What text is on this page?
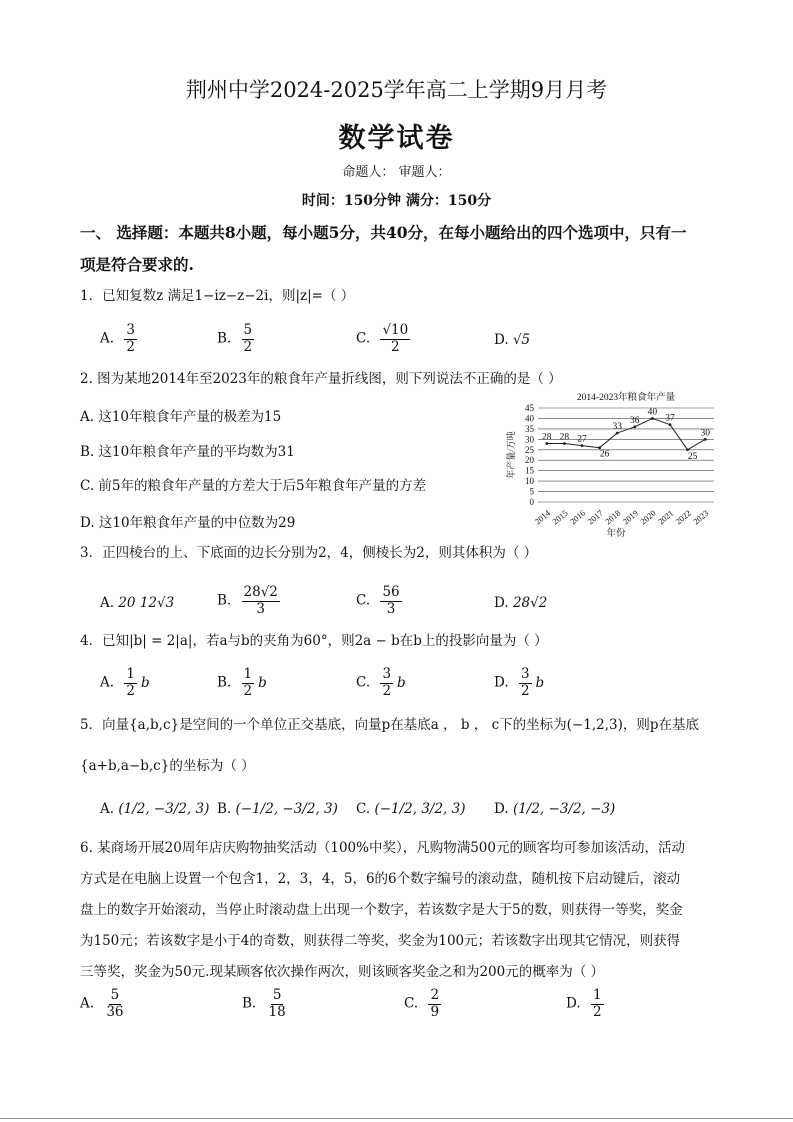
荆州中学2024-2025学年高二上学期9月月考
数学试卷
命题人： 审题人：
时间：150分钟 满分：150分
一、 选择题：本题共8小题，每小题5分，共40分，在每小题给出的四个选项中，只有一
项是符合要求的.
1．已知复数z 满足1−iz−z−2i，则|z|=（ ）
A. $\frac{3}{2}$	B. $\frac{5}{2}$	C. $\frac{√10}{2}$	D. √5
2. 图为某地2014年至2023年的粮食年产量折线图，则下列说法不正确的是（ ）
A. 这10年粮食年产量的极差为15
B. 这10年粮食年产量的平均数为31
C. 前5年的粮食年产量的方差大于后5年粮食年产量的方差
D. 这10年粮食年产量的中位数为29
2014-2023年粮食年产量
0
5
10
15
20
25
30
35
40
45
年产量/万吨
2014
2015
2016
2017
2018
2019
2020
2021
2022
2023
年份
28 28 27
26
33
36
40
37
25
30
3．正四棱台的上、下底面的边长分别为2，4，侧棱长为2，则其体积为（ ）
A. 20 12√3	B. $\frac{28√2}{3}$	C. $\frac{56}{3}$	D. 28√2
4．已知|b| = 2|a|，若a与b的夹角为60°，则2a − b在b上的投影向量为（ ）
A. $\frac{1}{2}$ b	B. $\frac{1}{2}$ b	C. $\frac{3}{2}$ b	D. $\frac{3}{2}$ b
5．向量{a,b,c}是空间的一个单位正交基底，向量p在基底a ， b ， c下的坐标为(−1,2,3)，则p在基底
{a+b,a−b,c}的坐标为（ ）
A. (1/2, −3/2, 3) B. (−1/2, −3/2, 3) C. (−1/2, 3/2, 3) D. (1/2, −3/2, −3)
6. 某商场开展20周年店庆购物抽奖活动（100%中奖），凡购物满500元的顾客均可参加该活动，活动
方式是在电脑上设置一个包含1，2，3，4，5，6的6个数字编号的滚动盘，随机按下启动键后，滚动
盘上的数字开始滚动，当停止时滚动盘上出现一个数字，若该数字是大于5的数，则获得一等奖，奖金
为150元；若该数字是小于4的奇数，则获得二等奖，奖金为100元；若该数字出现其它情况，则获得
三等奖，奖金为50元.现某顾客依次操作两次，则该顾客奖金之和为200元的概率为（ ）
A. $\frac{5}{36}$	B. $\frac{5}{18}$	C. $\frac{2}{9}$	D. $\frac{1}{2}$
